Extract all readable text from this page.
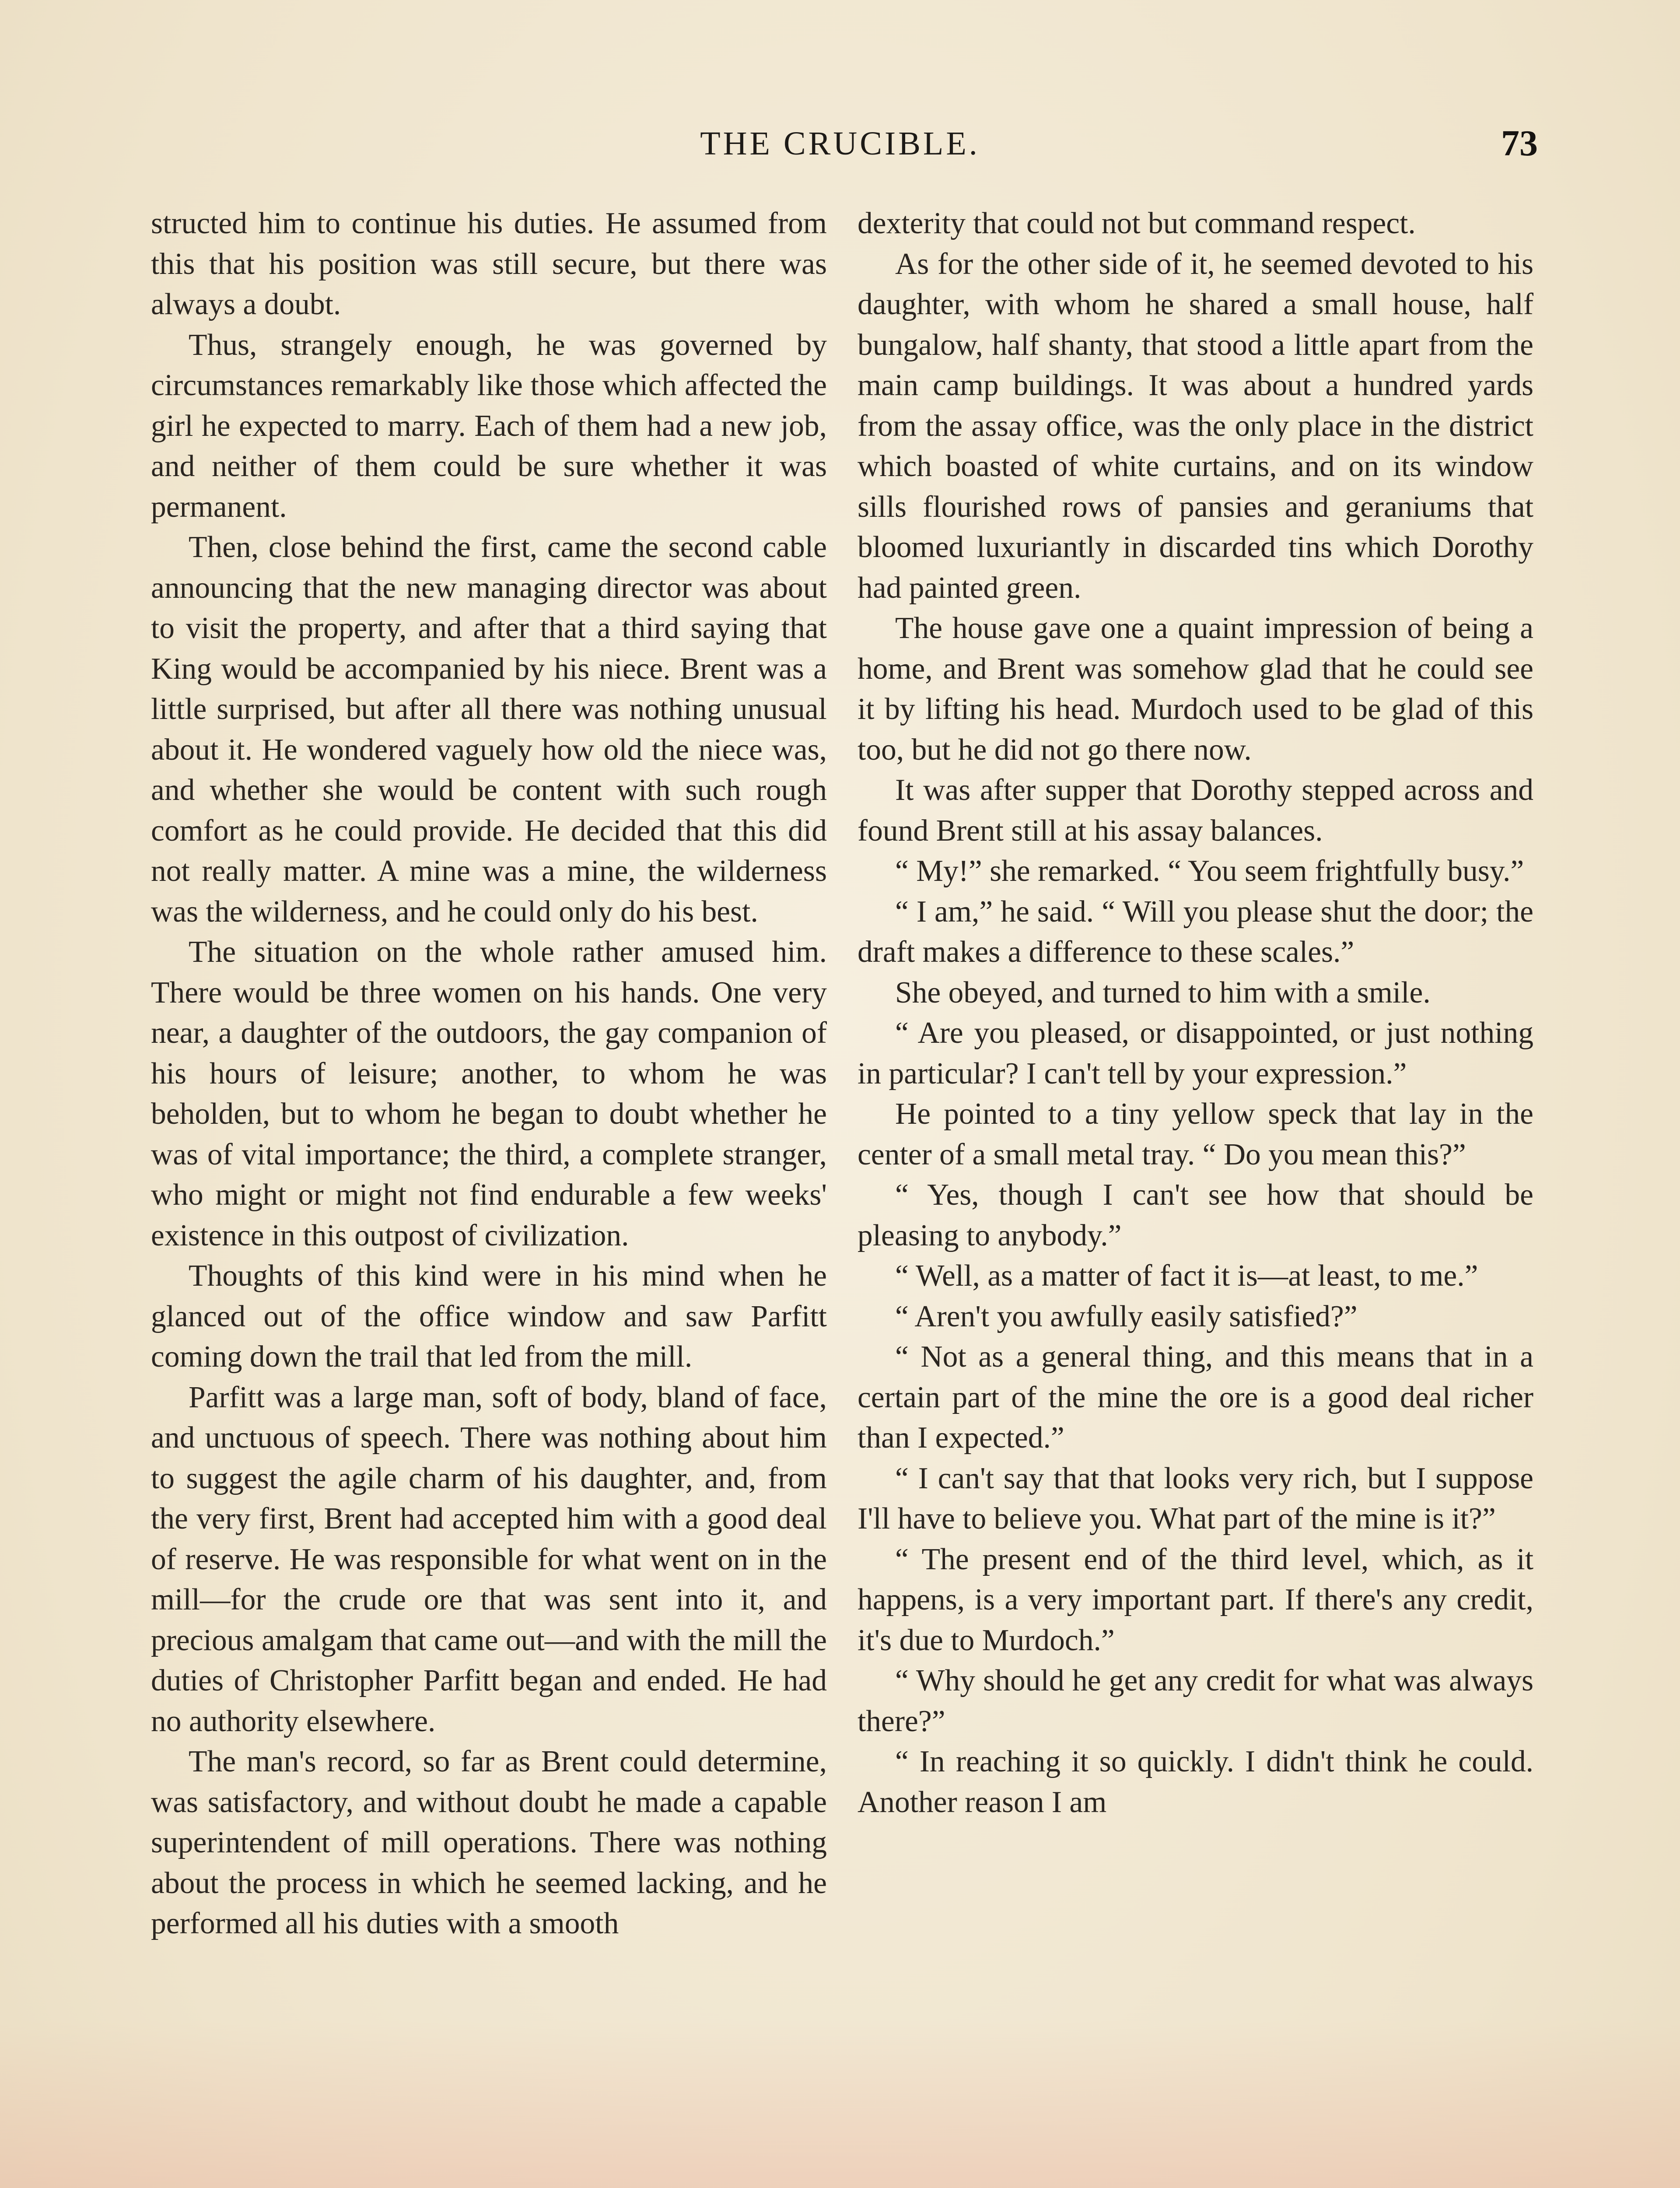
THE CRUCIBLE.	73

structed him to continue his duties. He assumed from this that his position was still secure, but there was always a doubt.

Thus, strangely enough, he was governed by circumstances remarkably like those which affected the girl he expected to marry. Each of them had a new job, and neither of them could be sure whether it was permanent.

Then, close behind the first, came the second cable announcing that the new managing director was about to visit the property, and after that a third saying that King would be accompanied by his niece. Brent was a little surprised, but after all there was nothing unusual about it. He wondered vaguely how old the niece was, and whether she would be content with such rough comfort as he could provide. He decided that this did not really matter. A mine was a mine, the wilderness was the wilderness, and he could only do his best.

The situation on the whole rather amused him. There would be three women on his hands. One very near, a daughter of the outdoors, the gay companion of his hours of leisure; another, to whom he was beholden, but to whom he began to doubt whether he was of vital importance; the third, a complete stranger, who might or might not find endurable a few weeks' existence in this outpost of civilization.

Thoughts of this kind were in his mind when he glanced out of the office window and saw Parfitt coming down the trail that led from the mill.

Parfitt was a large man, soft of body, bland of face, and unctuous of speech. There was nothing about him to suggest the agile charm of his daughter, and, from the very first, Brent had accepted him with a good deal of reserve. He was responsible for what went on in the mill—for the crude ore that was sent into it, and precious amalgam that came out—and with the mill the duties of Christopher Parfitt began and ended. He had no authority elsewhere.

The man's record, so far as Brent could determine, was satisfactory, and without doubt he made a capable superintendent of mill operations. There was nothing about the process in which he seemed lacking, and he performed all his duties with a smooth

dexterity that could not but command respect.

As for the other side of it, he seemed devoted to his daughter, with whom he shared a small house, half bungalow, half shanty, that stood a little apart from the main camp buildings. It was about a hundred yards from the assay office, was the only place in the district which boasted of white curtains, and on its window sills flourished rows of pansies and geraniums that bloomed luxuriantly in discarded tins which Dorothy had painted green.

The house gave one a quaint impression of being a home, and Brent was somehow glad that he could see it by lifting his head. Murdoch used to be glad of this too, but he did not go there now.

It was after supper that Dorothy stepped across and found Brent still at his assay balances.

“ My!” she remarked. “ You seem frightfully busy.”

“ I am,” he said. “ Will you please shut the door; the draft makes a difference to these scales.”

She obeyed, and turned to him with a smile.

“ Are you pleased, or disappointed, or just nothing in particular? I can't tell by your expression.”

He pointed to a tiny yellow speck that lay in the center of a small metal tray. “ Do you mean this?”

“ Yes, though I can't see how that should be pleasing to anybody.”

“ Well, as a matter of fact it is—at least, to me.”

“ Aren't you awfully easily satisfied?”

“ Not as a general thing, and this means that in a certain part of the mine the ore is a good deal richer than I expected.”

“ I can't say that that looks very rich, but I suppose I'll have to believe you. What part of the mine is it?”

“ The present end of the third level, which, as it happens, is a very important part. If there's any credit, it's due to Murdoch.”

“ Why should he get any credit for what was always there?”

“ In reaching it so quickly. I didn't think he could. Another reason I am
